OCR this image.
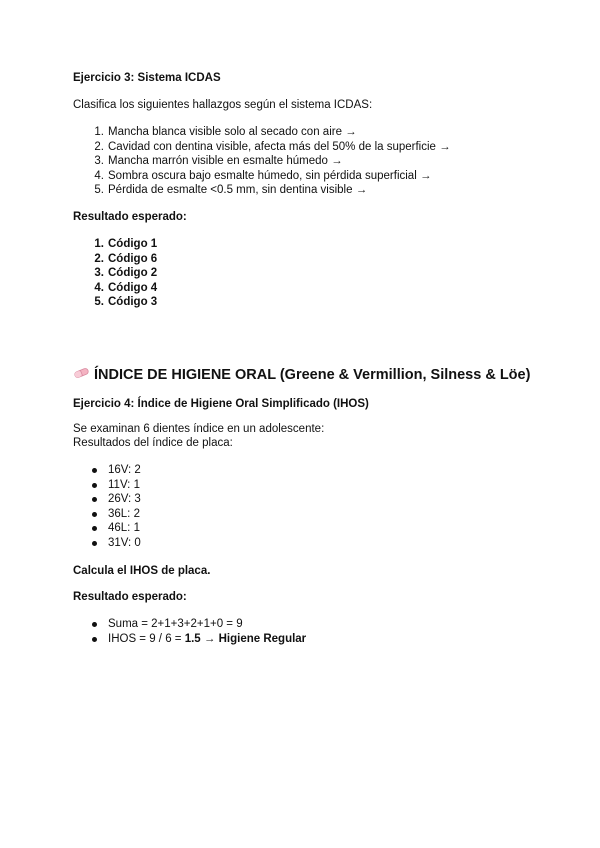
Ejercicio 3: Sistema ICDAS
Clasifica los siguientes hallazgos según el sistema ICDAS:
1. Mancha blanca visible solo al secado con aire →
2. Cavidad con dentina visible, afecta más del 50% de la superficie →
3. Mancha marrón visible en esmalte húmedo →
4. Sombra oscura bajo esmalte húmedo, sin pérdida superficial →
5. Pérdida de esmalte <0.5 mm, sin dentina visible →
Resultado esperado:
1. Código 1
2. Código 6
3. Código 2
4. Código 4
5. Código 3
ÍNDICE DE HIGIENE ORAL (Greene & Vermillion, Silness & Löe)
Ejercicio 4: Índice de Higiene Oral Simplificado (IHOS)
Se examinan 6 dientes índice en un adolescente:
Resultados del índice de placa:
16V: 2
11V: 1
26V: 3
36L: 2
46L: 1
31V: 0
Calcula el IHOS de placa.
Resultado esperado:
Suma = 2+1+3+2+1+0 = 9
IHOS = 9 / 6 = 1.5 → Higiene Regular
